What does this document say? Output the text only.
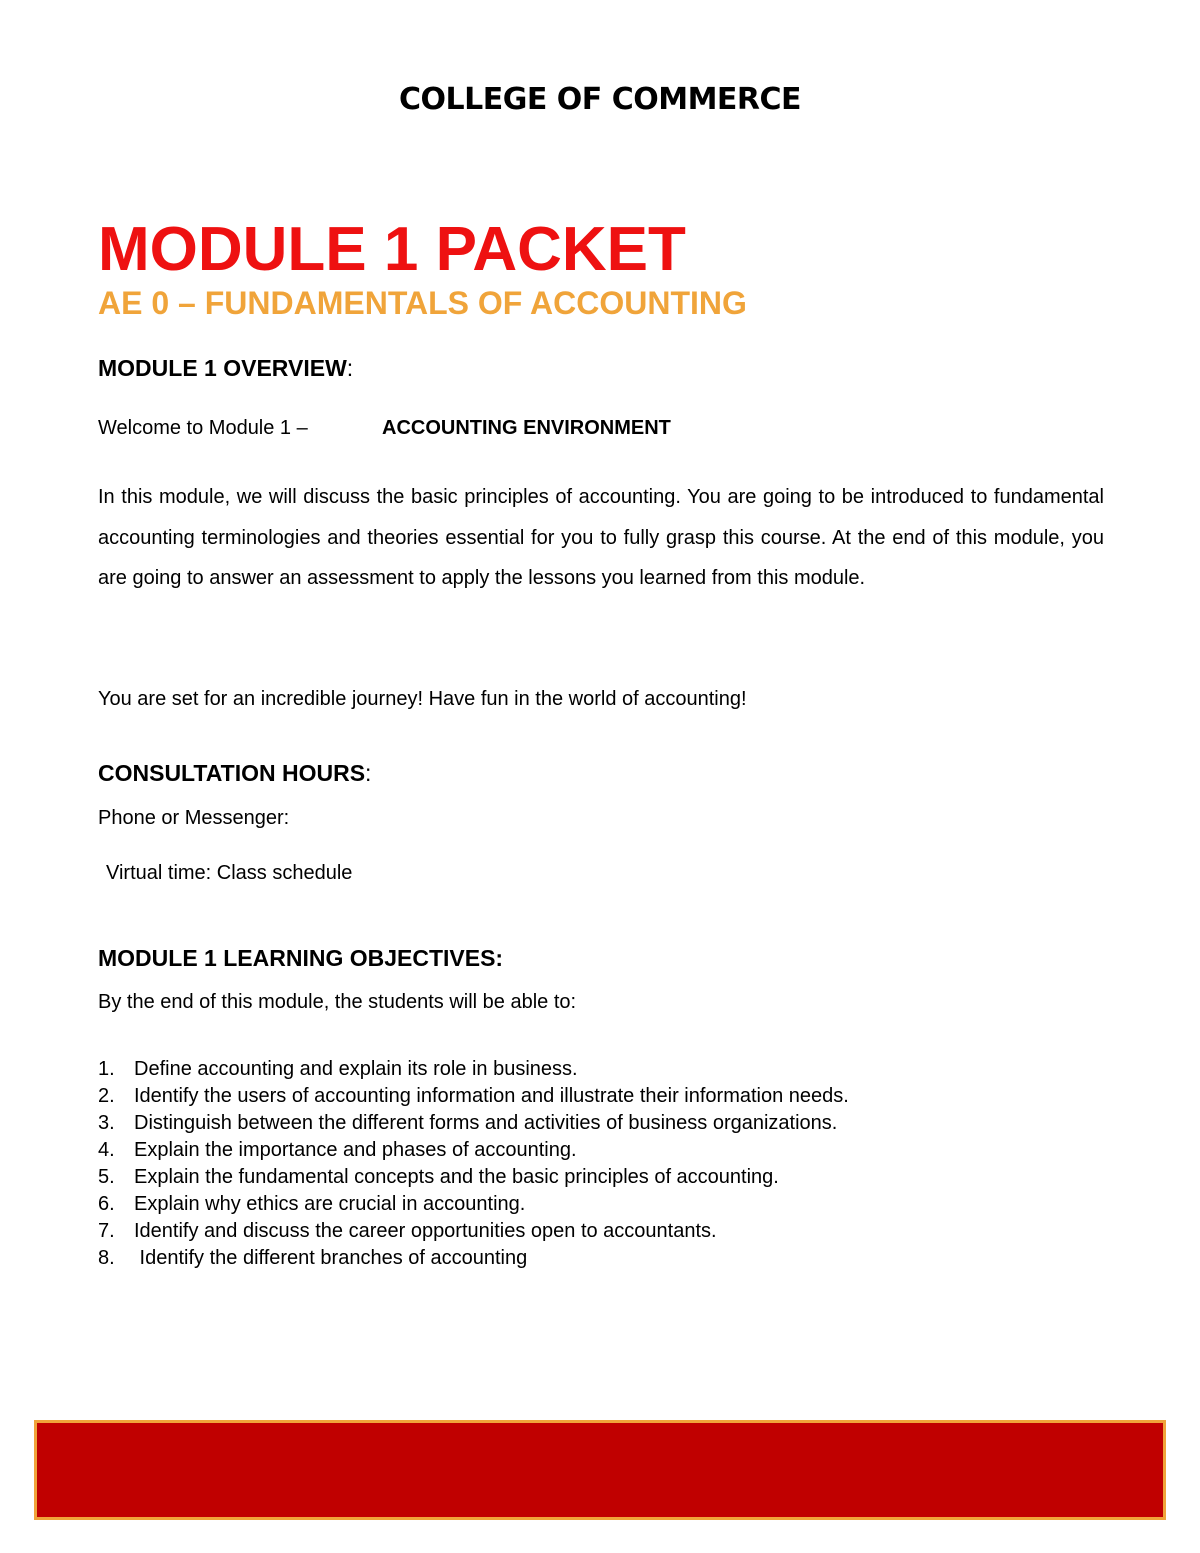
COLLEGE OF COMMERCE
MODULE 1 PACKET
AE 0 – FUNDAMENTALS OF ACCOUNTING
MODULE 1 OVERVIEW:
Welcome to Module 1 –	ACCOUNTING ENVIRONMENT
In this module, we will discuss the basic principles of accounting. You are going to be introduced to fundamental accounting terminologies and theories essential for you to fully grasp this course. At the end of this module, you are going to answer an assessment to apply the lessons you learned from this module.
You are set for an incredible journey! Have fun in the world of accounting!
CONSULTATION HOURS:
Phone or Messenger:
Virtual time: Class schedule
MODULE 1 LEARNING OBJECTIVES:
By the end of this module, the students will be able to:
1. Define accounting and explain its role in business.
2. Identify the users of accounting information and illustrate their information needs.
3. Distinguish between the different forms and activities of business organizations.
4. Explain the importance and phases of accounting.
5. Explain the fundamental concepts and the basic principles of accounting.
6. Explain why ethics are crucial in accounting.
7. Identify and discuss the career opportunities open to accountants.
8. Identify the different branches of accounting
